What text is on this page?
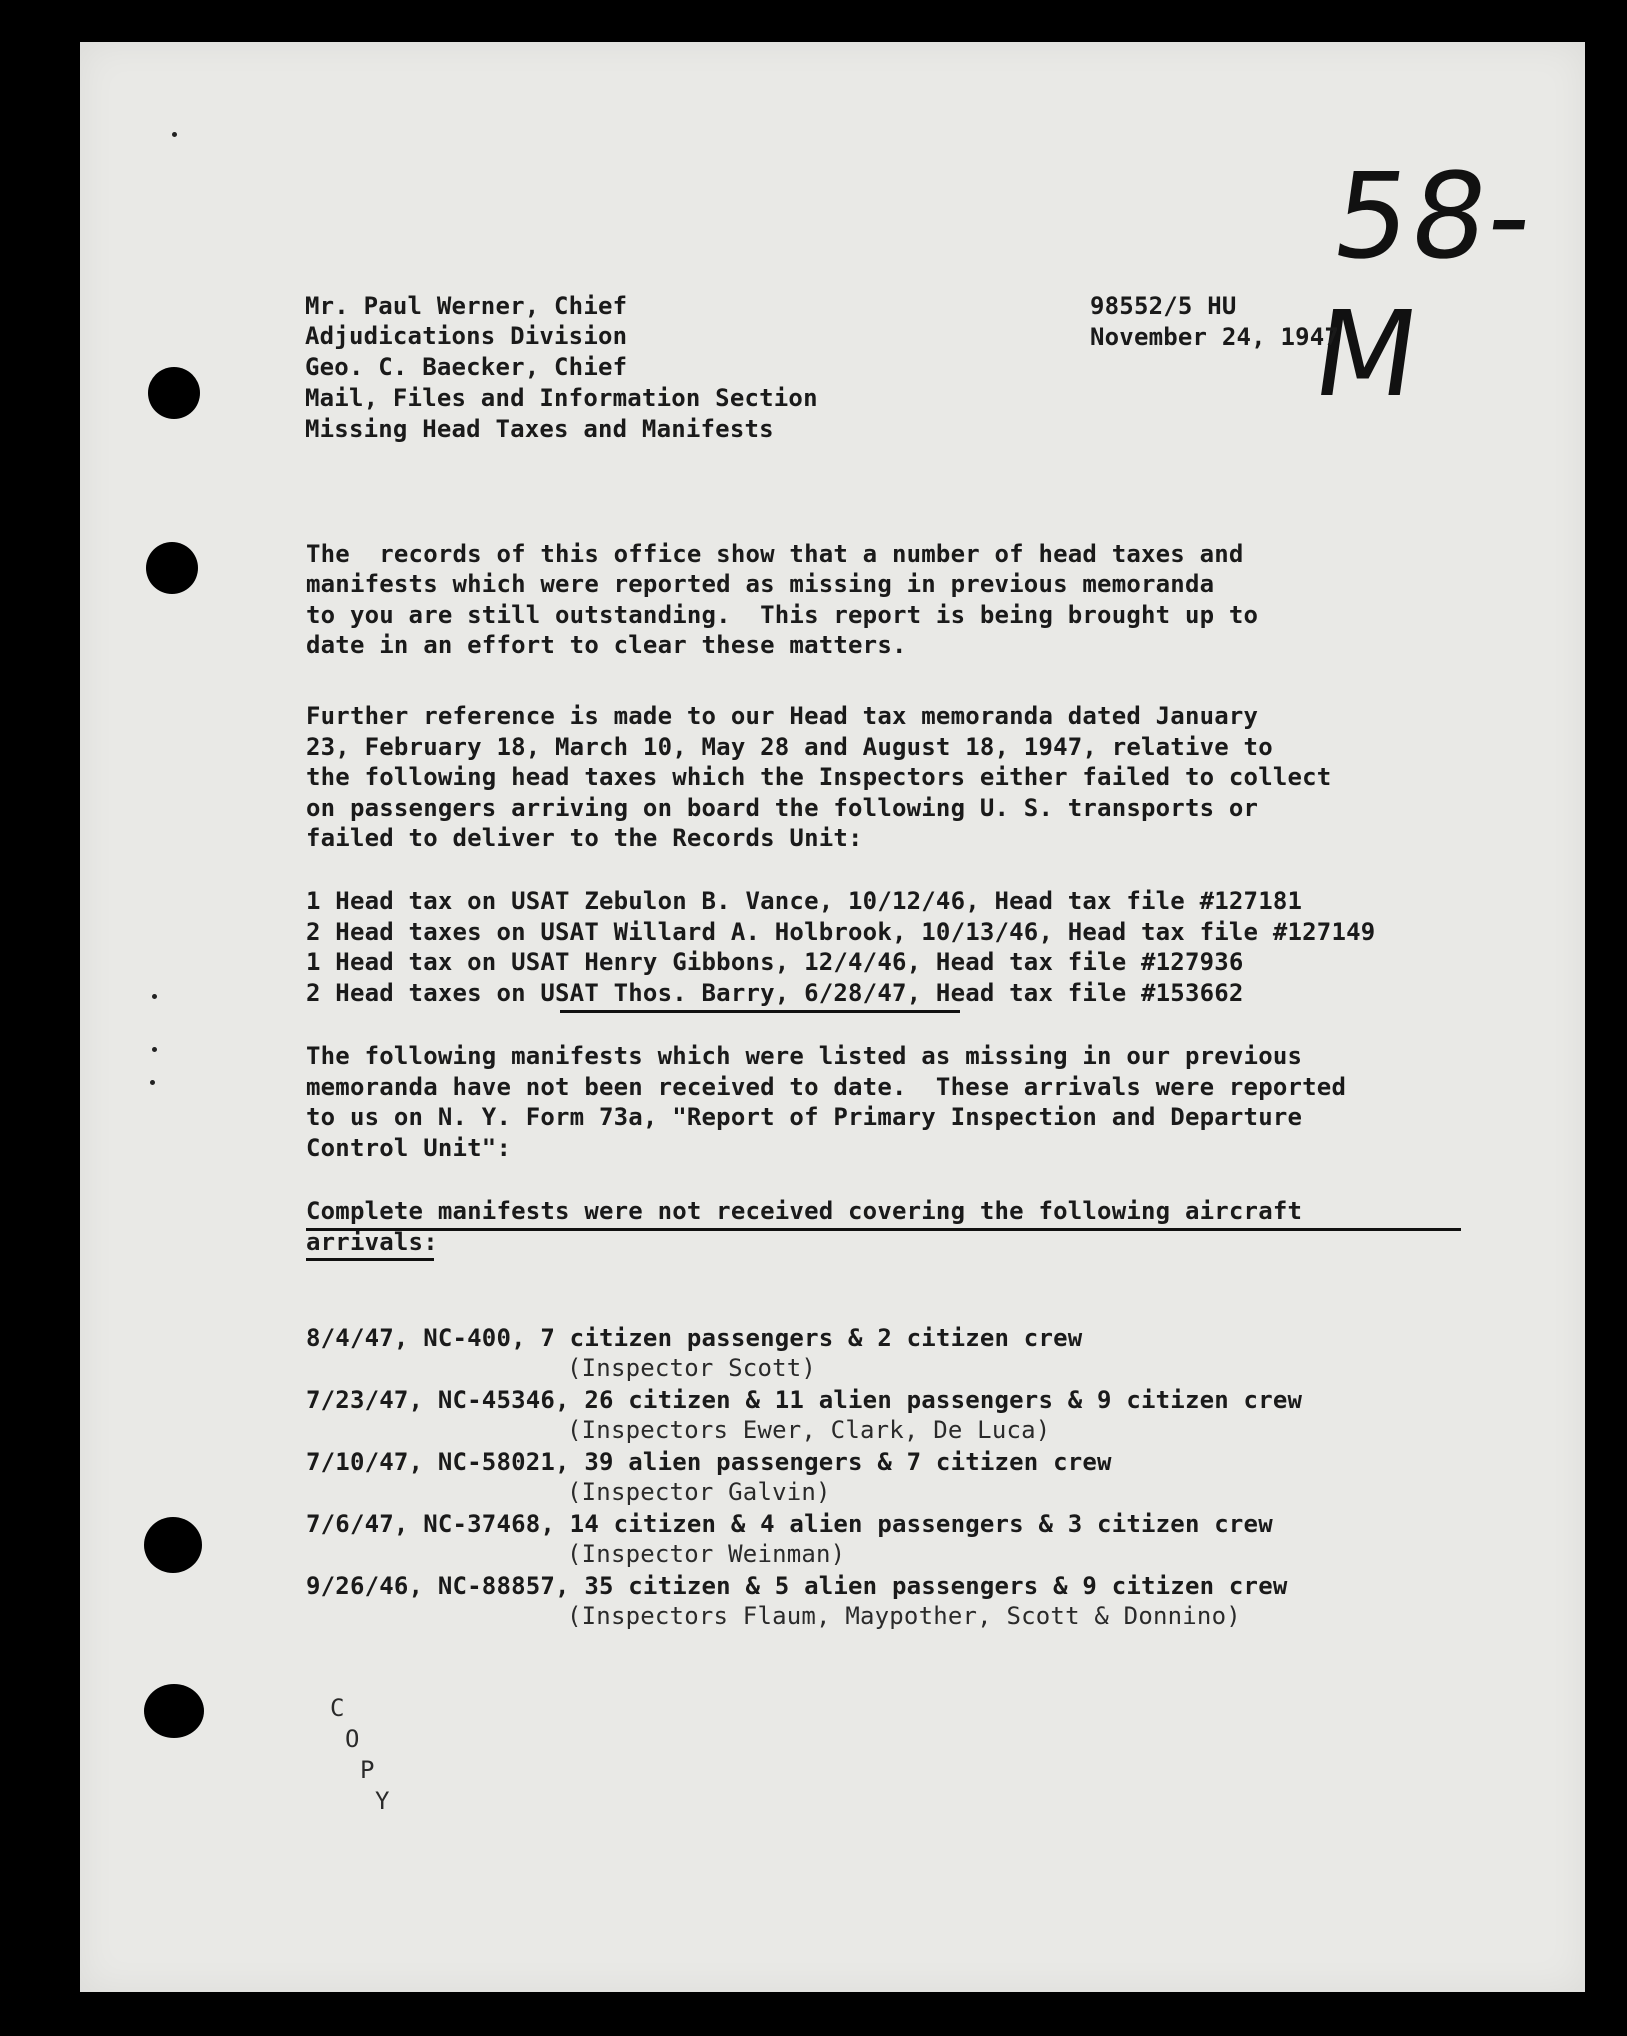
58-M
Mr. Paul Werner, Chief
Adjudications Division
Geo. C. Baecker, Chief
Mail, Files and Information Section
Missing Head Taxes and Manifests
98552/5 HU
November 24, 1947
The  records of this office show that a number of head taxes and
manifests which were reported as missing in previous memoranda
to you are still outstanding.  This report is being brought up to
date in an effort to clear these matters.
Further reference is made to our Head tax memoranda dated January
23, February 18, March 10, May 28 and August 18, 1947, relative to
the following head taxes which the Inspectors either failed to collect
on passengers arriving on board the following U. S. transports or
failed to deliver to the Records Unit:
1 Head tax on USAT Zebulon B. Vance, 10/12/46, Head tax file #127181
2 Head taxes on USAT Willard A. Holbrook, 10/13/46, Head tax file #127149
1 Head tax on USAT Henry Gibbons, 12/4/46, Head tax file #127936
2 Head taxes on USAT Thos. Barry, 6/28/47, Head tax file #153662
The following manifests which were listed as missing in our previous
memoranda have not been received to date.  These arrivals were reported
to us on N. Y. Form 73a, "Report of Primary Inspection and Departure
Control Unit":
Complete manifests were not received covering the following aircraft
arrivals:
8/4/47, NC-400, 7 citizen passengers & 2 citizen crew
(Inspector Scott)
7/23/47, NC-45346, 26 citizen & 11 alien passengers & 9 citizen crew
(Inspectors Ewer, Clark, De Luca)
7/10/47, NC-58021, 39 alien passengers & 7 citizen crew
(Inspector Galvin)
7/6/47, NC-37468, 14 citizen & 4 alien passengers & 3 citizen crew
(Inspector Weinman)
9/26/46, NC-88857, 35 citizen & 5 alien passengers & 9 citizen crew
(Inspectors Flaum, Maypother, Scott & Donnino)
C
O
P
Y
